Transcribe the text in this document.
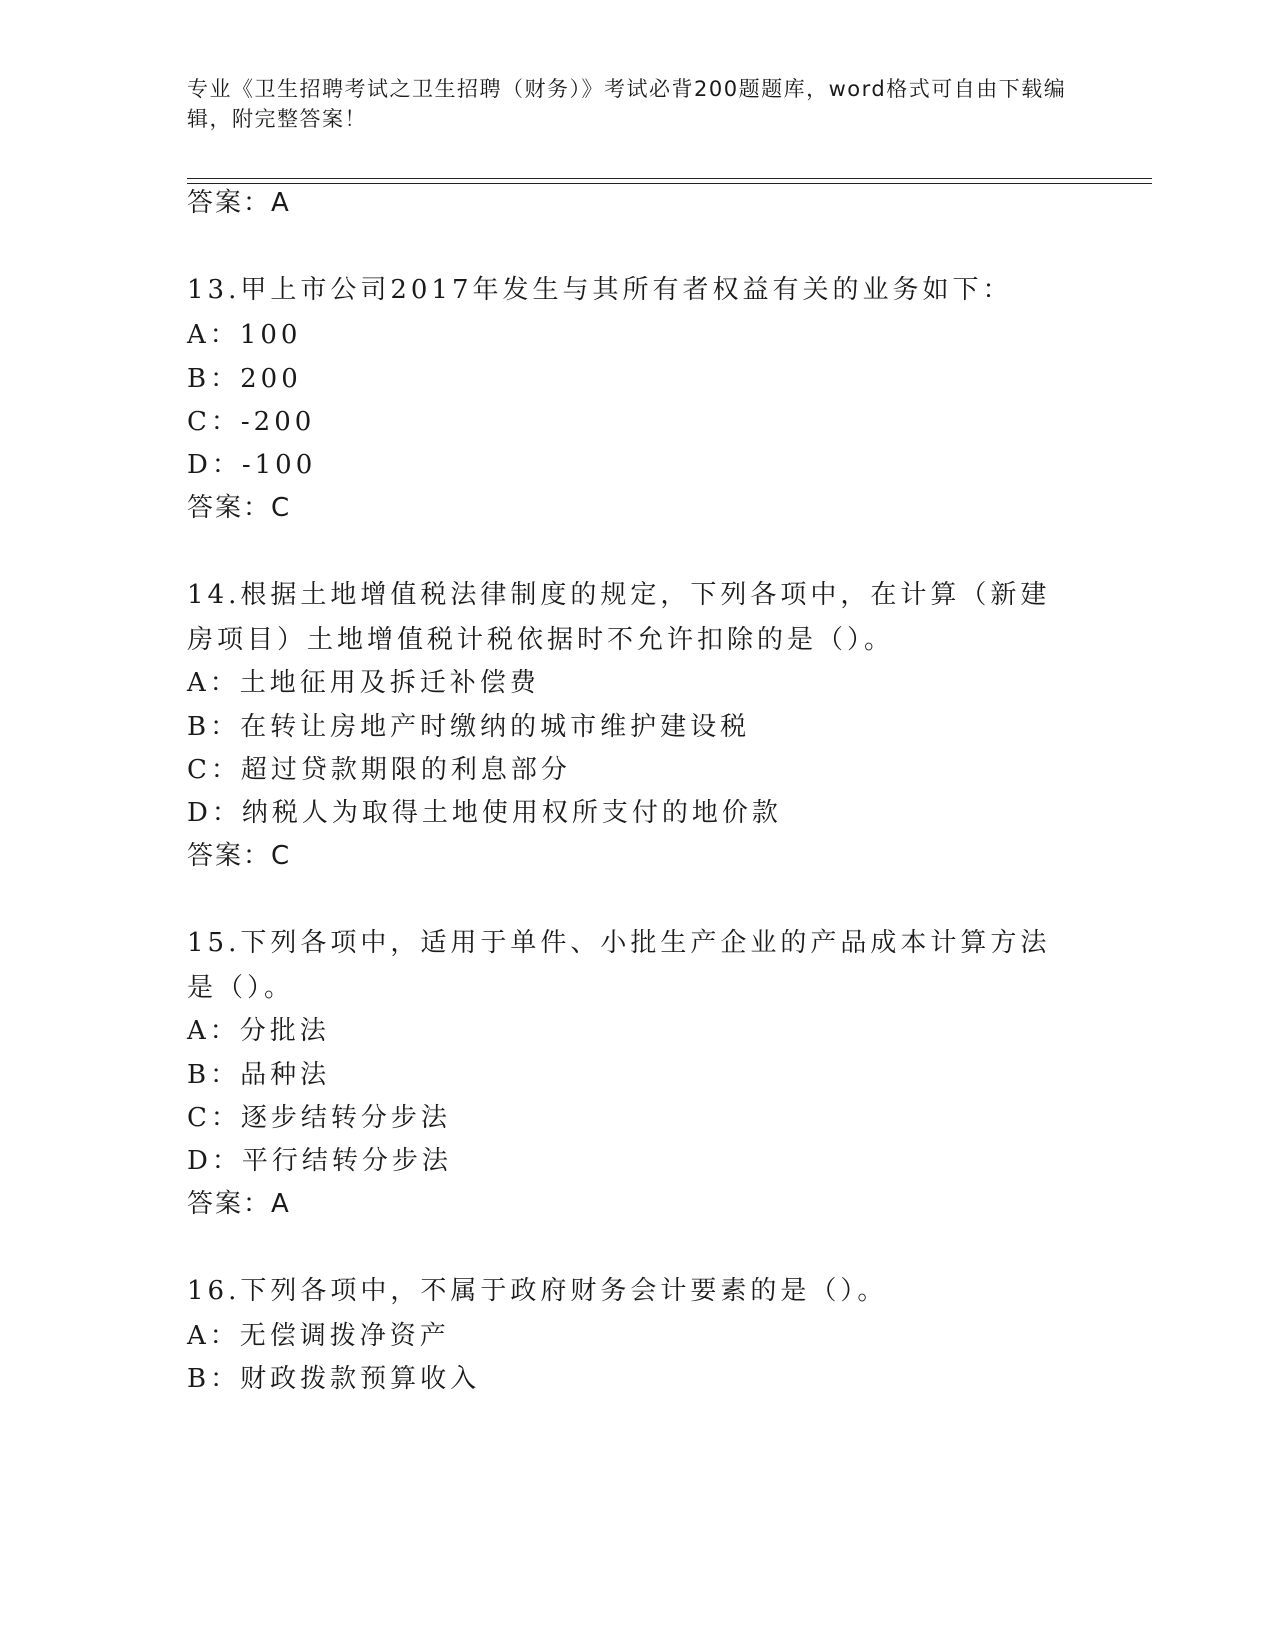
专业《卫生招聘考试之卫生招聘（财务）》考试必背200题题库，word格式可自由下载编辑，附完整答案！
答案：A
13.甲上市公司2017年发生与其所有者权益有关的业务如下：
A：100
B：200
C：-200
D：-100
答案：C
14.根据土地增值税法律制度的规定，下列各项中，在计算（新建房项目）土地增值税计税依据时不允许扣除的是（）。
A：土地征用及拆迁补偿费
B：在转让房地产时缴纳的城市维护建设税
C：超过贷款期限的利息部分
D：纳税人为取得土地使用权所支付的地价款
答案：C
15.下列各项中，适用于单件、小批生产企业的产品成本计算方法是（）。
A：分批法
B：品种法
C：逐步结转分步法
D：平行结转分步法
答案：A
16.下列各项中，不属于政府财务会计要素的是（）。
A：无偿调拨净资产
B：财政拨款预算收入
